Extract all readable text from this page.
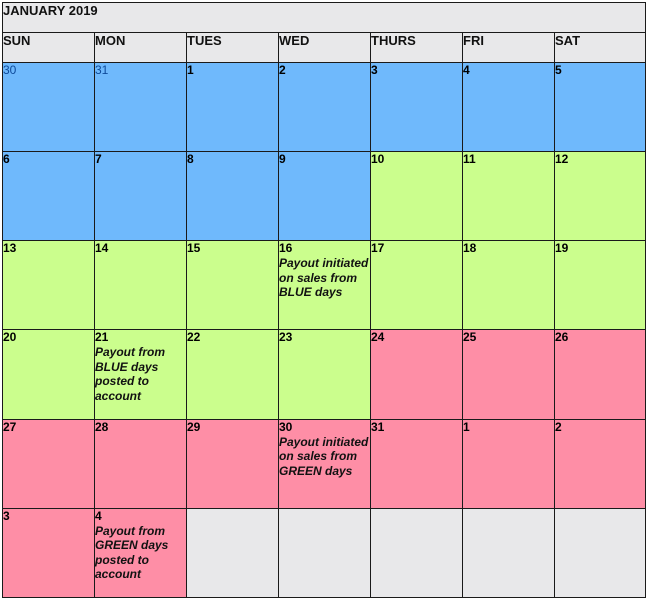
JANUARY 2019						
SUN	MON	TUES	WED	THURS	FRI	SAT

30	31	1	2	3	4	5

6	7	8	9	10	11	12

13	14	15	16
Payout initiated on sales from BLUE days	17	18	19

20	21
Payout from BLUE days posted to account	22	23	24	25	26

27	28	29	30
Payout initiated on sales from GREEN days	31	1	2

3	4
Payout from GREEN days posted to account					
